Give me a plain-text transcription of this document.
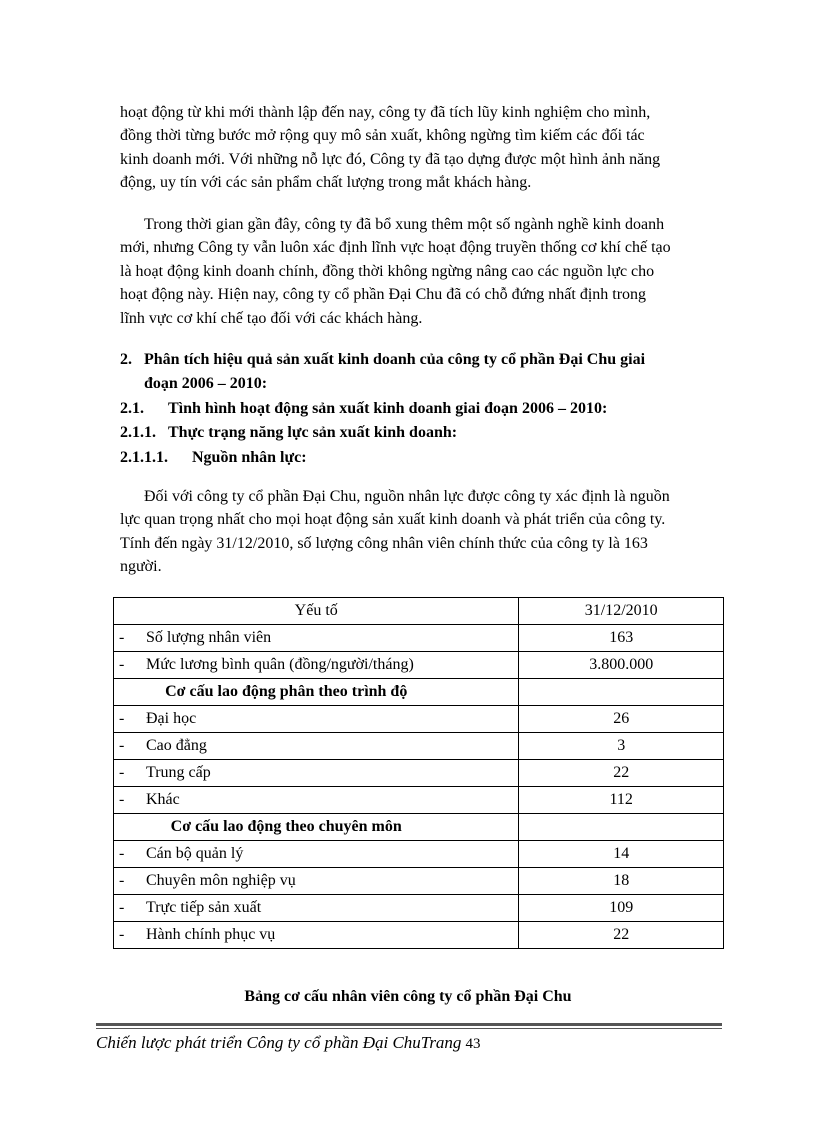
hoạt động từ khi mới thành lập đến nay, công ty đã tích lũy kinh nghiệm cho mình,
đồng thời từng bước mở rộng quy mô sản xuất, không ngừng tìm kiếm các đối tác
kinh doanh mới. Với những nỗ lực đó, Công ty đã tạo dựng được một hình ảnh năng
động, uy tín với các sản phẩm chất lượng trong mắt khách hàng.

Trong thời gian gần đây, công ty đã bổ xung thêm một số ngành nghề kinh doanh
mới, nhưng Công ty vẫn luôn xác định lĩnh vực hoạt động truyền thống cơ khí chế tạo
là hoạt động kinh doanh chính, đồng thời không ngừng nâng cao các nguồn lực cho
hoạt động này. Hiện nay, công ty cổ phần Đại Chu đã có chỗ đứng nhất định trong
lĩnh vực cơ khí chế tạo đối với các khách hàng.

2. Phân tích hiệu quả sản xuất kinh doanh của công ty cổ phần Đại Chu giai
đoạn 2006 – 2010:
2.1. Tình hình hoạt động sản xuất kinh doanh giai đoạn 2006 – 2010:
2.1.1. Thực trạng năng lực sản xuất kinh doanh:
2.1.1.1. Nguồn nhân lực:

Đối với công ty cổ phần Đại Chu, nguồn nhân lực được công ty xác định là nguồn
lực quan trọng nhất cho mọi hoạt động sản xuất kinh doanh và phát triển của công ty.
Tính đến ngày 31/12/2010, số lượng công nhân viên chính thức của công ty là 163
người.

Yếu tố	31/12/2010
- Số lượng nhân viên	163
- Mức lương bình quân (đồng/người/tháng)	3.800.000
Cơ cấu lao động phân theo trình độ	
- Đại học	26
- Cao đẳng	3
- Trung cấp	22
- Khác	112
Cơ cấu lao động theo chuyên môn	
- Cán bộ quản lý	14
- Chuyên môn nghiệp vụ	18
- Trực tiếp sản xuất	109
- Hành chính phục vụ	22
Bảng cơ cấu nhân viên công ty cổ phần Đại Chu
Chiến lược phát triển Công ty cổ phần Đại ChuTrang 43
